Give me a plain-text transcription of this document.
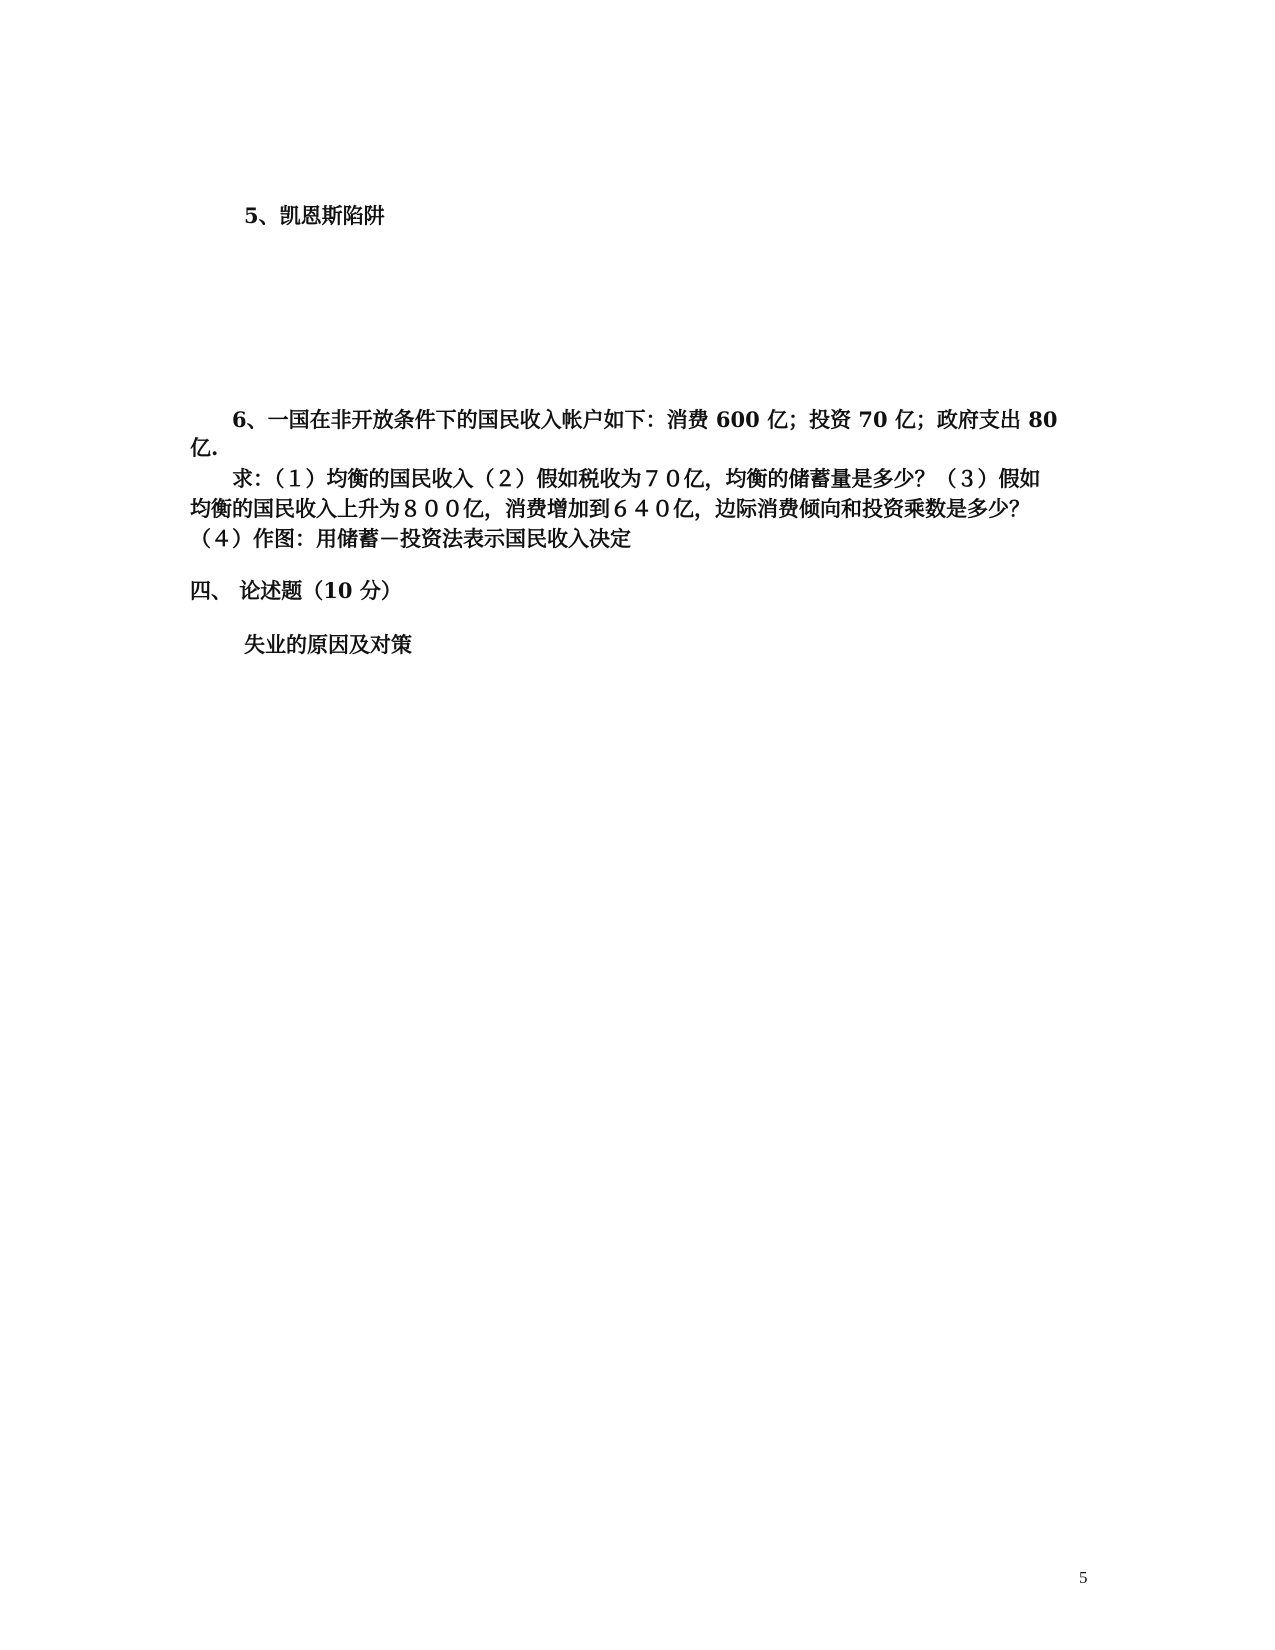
5、凯恩斯陷阱
6、一国在非开放条件下的国民收入帐户如下：消费 600 亿；投资 70 亿；政府支出 80
亿.
求：（１）均衡的国民收入（２）假如税收为７０亿，均衡的储蓄量是多少？（３）假如
均衡的国民收入上升为８００亿，消费增加到６４０亿，边际消费倾向和投资乘数是多少？
（４）作图：用储蓄－投资法表示国民收入决定
四、 论述题（10 分）
失业的原因及对策
5
